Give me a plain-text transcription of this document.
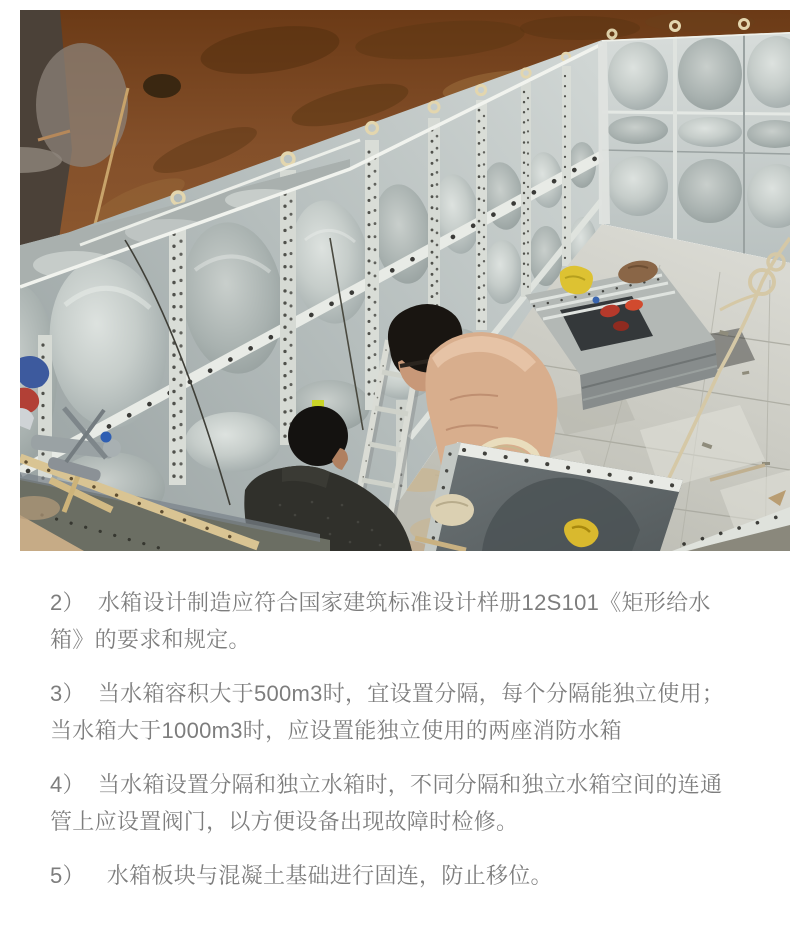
2） 水箱设计制造应符合国家建筑标准设计样册12S101《矩形给水箱》的要求和规定。

3） 当水箱容积大于500m3时，宜设置分隔，每个分隔能独立使用；当水箱大于1000m3时，应设置能独立使用的两座消防水箱

4） 当水箱设置分隔和独立水箱时，不同分隔和独立水箱空间的连通管上应设置阀门，以方便设备出现故障时检修。

5） 水箱板块与混凝土基础进行固连，防止移位。
